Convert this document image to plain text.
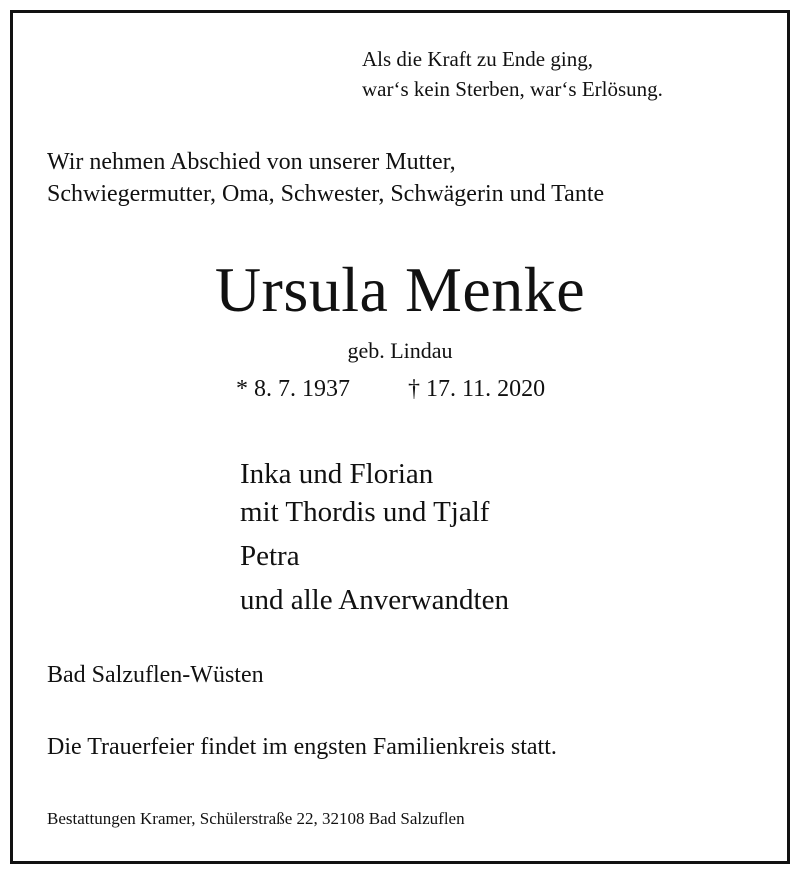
Als die Kraft zu Ende ging,
war‘s kein Sterben, war‘s Erlösung.
Wir nehmen Abschied von unserer Mutter,
Schwiegermutter, Oma, Schwester, Schwägerin und Tante
Ursula Menke
geb. Lindau
* 8. 7. 1937 † 17. 11. 2020
Inka und Florian
mit Thordis und Tjalf
Petra
und alle Anverwandten
Bad Salzuflen-Wüsten
Die Trauerfeier findet im engsten Familienkreis statt.
Bestattungen Kramer, Schülerstraße 22, 32108 Bad Salzuflen
